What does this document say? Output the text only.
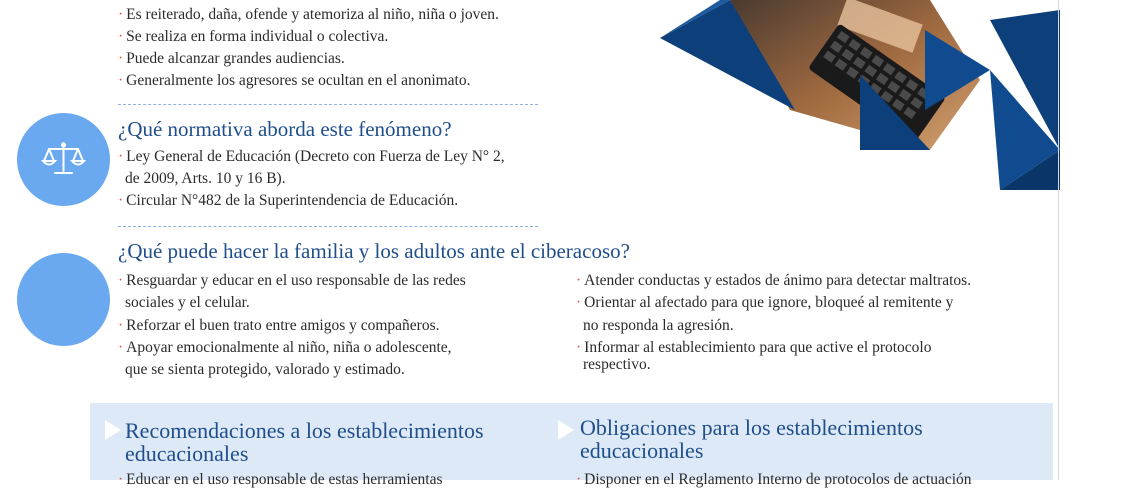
· Es reiterado, daña, ofende y atemoriza al niño, niña o joven.
· Se realiza en forma individual o colectiva.
· Puede alcanzar grandes audiencias.
· Generalmente los agresores se ocultan en el anonimato.
¿Qué normativa aborda este fenómeno?
· Ley General de Educación (Decreto con Fuerza de Ley N° 2,
de 2009, Arts. 10 y 16 B).
· Circular N°482 de la Superintendencia de Educación.
¿Qué puede hacer la familia y los adultos ante el ciberacoso?
· Resguardar y educar en el uso responsable de las redes
sociales y el celular.
· Reforzar el buen trato entre amigos y compañeros.
· Apoyar emocionalmente al niño, niña o adolescente,
que se sienta protegido, valorado y estimado.
· Atender conductas y estados de ánimo para detectar maltratos.
· Orientar al afectado para que ignore, bloqueé al remitente y
no responda la agresión.
· Informar al establecimiento para que active el protocolo
respectivo.
Recomendaciones a los establecimientos
educacionales
Obligaciones para los establecimientos
educacionales
· Educar en el uso responsable de estas herramientas	· Disponer en el Reglamento Interno de protocolos de actuación
